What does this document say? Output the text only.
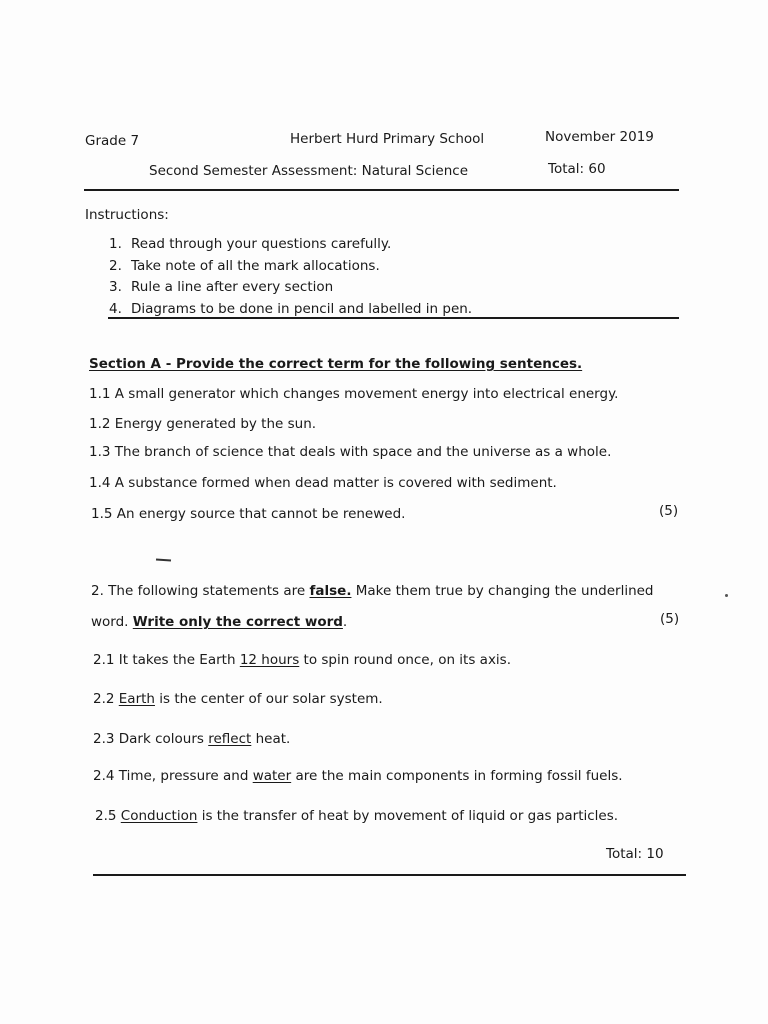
Grade 7	Herbert Hurd Primary School	November 2019
Second Semester Assessment: Natural Science	Total: 60
Instructions:
1. Read through your questions carefully.
2. Take note of all the mark allocations.
3. Rule a line after every section
4. Diagrams to be done in pencil and labelled in pen.
Section A - Provide the correct term for the following sentences.
1.1 A small generator which changes movement energy into electrical energy.
1.2 Energy generated by the sun.
1.3 The branch of science that deals with space and the universe as a whole.
1.4 A substance formed when dead matter is covered with sediment.
1.5 An energy source that cannot be renewed.	(5)
2. The following statements are false. Make them true by changing the underlined
word. Write only the correct word.	(5)
2.1 It takes the Earth 12 hours to spin round once, on its axis.
2.2 Earth is the center of our solar system.
2.3 Dark colours reflect heat.
2.4 Time, pressure and water are the main components in forming fossil fuels.
2.5 Conduction is the transfer of heat by movement of liquid or gas particles.
Total: 10
